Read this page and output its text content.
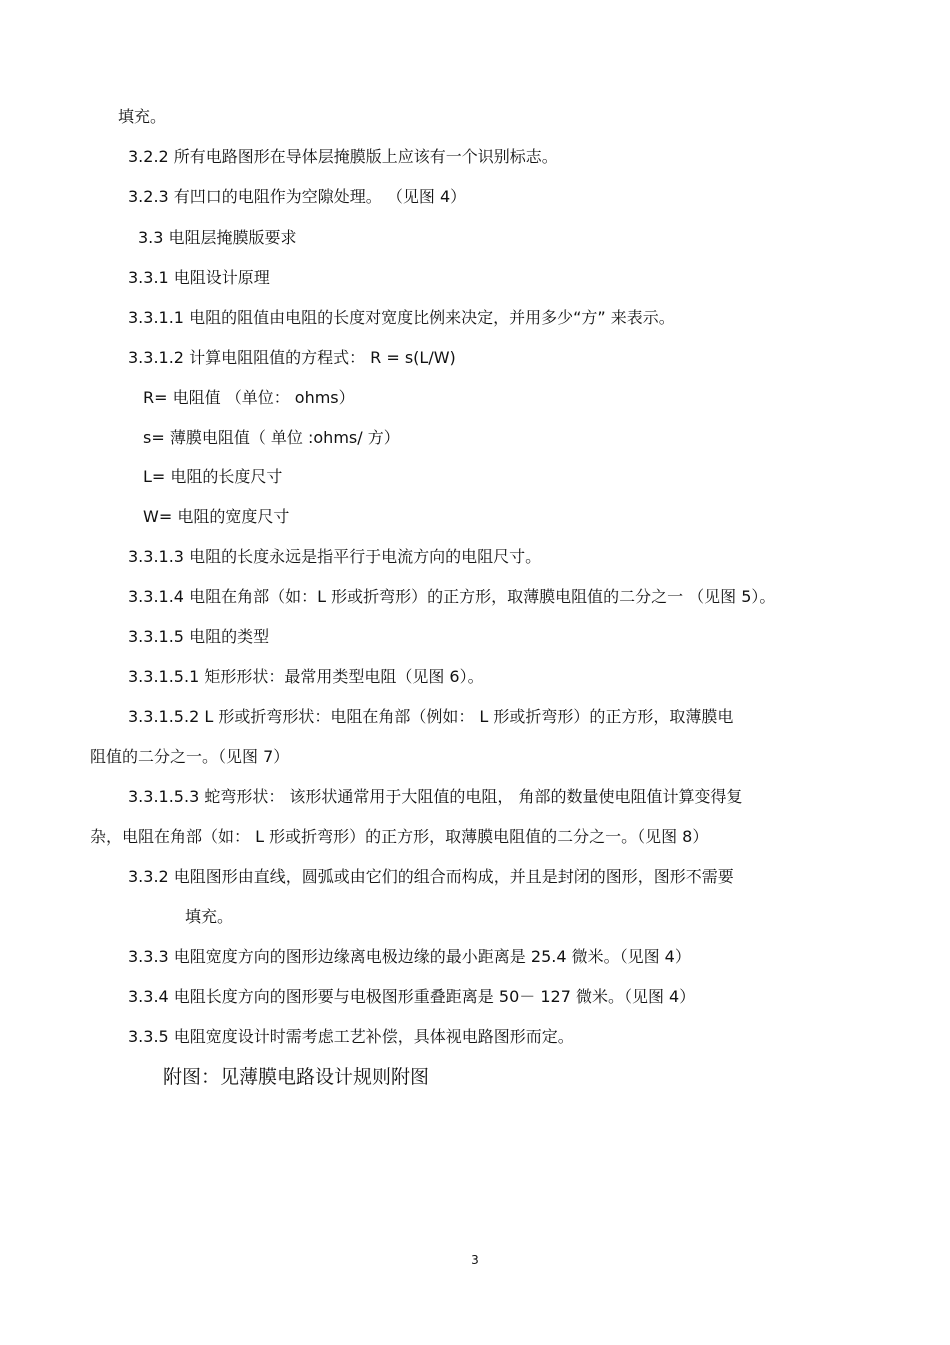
填充。
3.2.2 所有电路图形在导体层掩膜版上应该有一个识别标志。
3.2.3 有凹口的电阻作为空隙处理。 （见图 4）
3.3 电阻层掩膜版要求
3.3.1 电阻设计原理
3.3.1.1 电阻的阻值由电阻的长度对宽度比例来决定，并用多少“方” 来表示。
3.3.1.2 计算电阻阻值的方程式： R = s(L/W)
R= 电阻值 （单位： ohms）
s= 薄膜电阻值（ 单位 :ohms/ 方）
L= 电阻的长度尺寸
W= 电阻的宽度尺寸
3.3.1.3 电阻的长度永远是指平行于电流方向的电阻尺寸。
3.3.1.4 电阻在角部（如：L 形或折弯形）的正方形，取薄膜电阻值的二分之一 （见图 5）。
3.3.1.5 电阻的类型
3.3.1.5.1 矩形形状：最常用类型电阻（见图 6）。
3.3.1.5.2 L 形或折弯形状：电阻在角部（例如： L 形或折弯形）的正方形，取薄膜电
阻值的二分之一。（见图 7）
3.3.1.5.3 蛇弯形状： 该形状通常用于大阻值的电阻， 角部的数量使电阻值计算变得复
杂，电阻在角部（如： L 形或折弯形）的正方形，取薄膜电阻值的二分之一。（见图 8）
3.3.2 电阻图形由直线，圆弧或由它们的组合而构成，并且是封闭的图形，图形不需要
填充。
3.3.3 电阻宽度方向的图形边缘离电极边缘的最小距离是 25.4 微米。（见图 4）
3.3.4 电阻长度方向的图形要与电极图形重叠距离是 50－ 127 微米。（见图 4）
3.3.5 电阻宽度设计时需考虑工艺补偿，具体视电路图形而定。
附图：见薄膜电路设计规则附图
3
